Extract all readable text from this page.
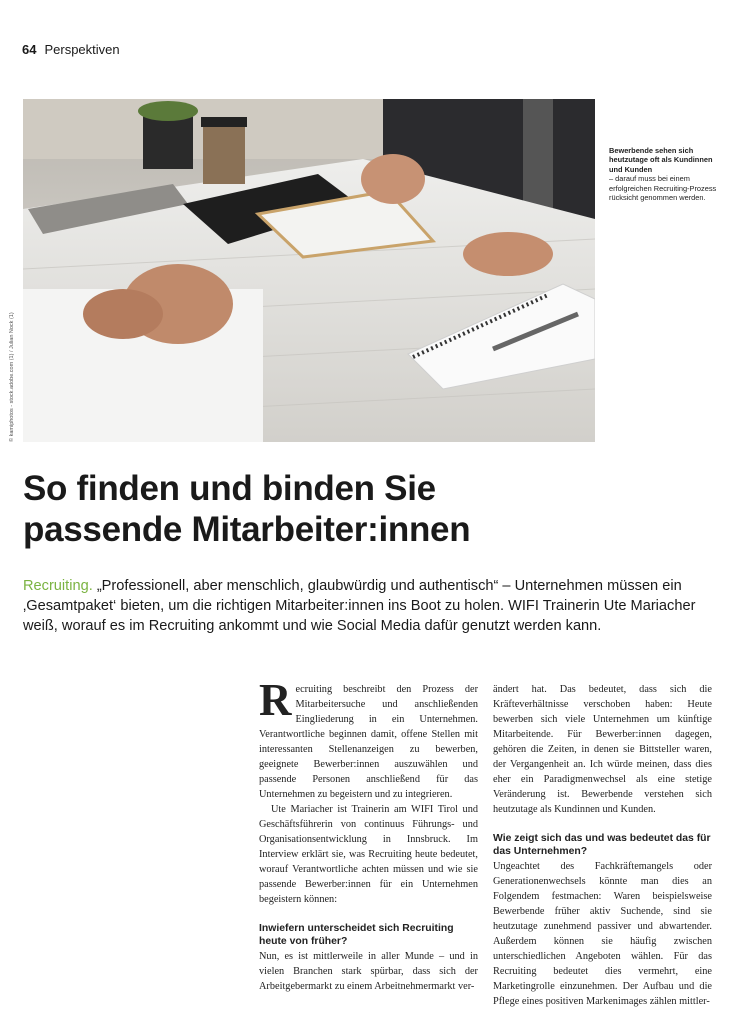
64 Perspektiven
© kamiphotos - stock.adobe.com (1) / Julian Nock (1)
Bewerbende sehen sich heutzutage oft als Kundinnen und Kunden
– darauf muss bei einem erfolgreichen Recruiting-Prozess rücksicht genommen werden.
So finden und binden Sie
passende Mitarbeiter:innen

Recruiting. „Professionell, aber menschlich, glaubwürdig und authentisch“ – Unternehmen müssen ein ‚Gesamtpaket‘ bieten, um die richtigen Mitarbeiter:innen ins Boot zu holen. WIFI Trainerin Ute Mariacher weiß, worauf es im Recruiting ankommt und wie Social Media dafür genutzt werden kann.

Recruiting beschreibt den Prozess der Mitarbeitersuche und anschließenden Eingliederung in ein Unternehmen. Verantwortliche beginnen damit, offene Stellen mit interessanten Stellenanzeigen zu bewerben, geeignete Bewerber:innen auszuwählen und passende Personen anschließend für das Unternehmen zu begeistern und zu integrieren.

Ute Mariacher ist Trainerin am WIFI Tirol und Geschäftsführerin von continuus Führungs- und Organisationsentwicklung in Innsbruck. Im Interview erklärt sie, was Recruiting heute bedeutet, worauf Verantwortliche achten müssen und wie sie passende Bewerber:innen für ein Unternehmen begeistern können:

Inwiefern unterscheidet sich Recruiting heute von früher?

Nun, es ist mittlerweile in aller Munde – und in vielen Branchen stark spürbar, dass sich der Arbeitgebermarkt zu einem Arbeitnehmermarkt ver-

ändert hat. Das bedeutet, dass sich die Kräfteverhältnisse verschoben haben: Heute bewerben sich viele Unternehmen um künftige Mitarbeitende. Für Bewerber:innen dagegen, gehören die Zeiten, in denen sie Bittsteller waren, der Vergangenheit an. Ich würde meinen, dass dies eher ein Paradigmenwechsel als eine stetige Veränderung ist. Bewerbende verstehen sich heutzutage als Kundinnen und Kunden.

Wie zeigt sich das und was bedeutet das für das Unternehmen?

Ungeachtet des Fachkräftemangels oder Generationenwechsels könnte man dies an Folgendem festmachen: Waren beispielsweise Bewerbende früher aktiv Suchende, sind sie heutzutage zunehmend passiver und abwartender. Außerdem können sie häufig zwischen unterschiedlichen Angeboten wählen. Für das Recruiting bedeutet dies vermehrt, eine Marketingrolle einzunehmen. Der Aufbau und die Pflege eines positiven Markenimages zählen mittler-
